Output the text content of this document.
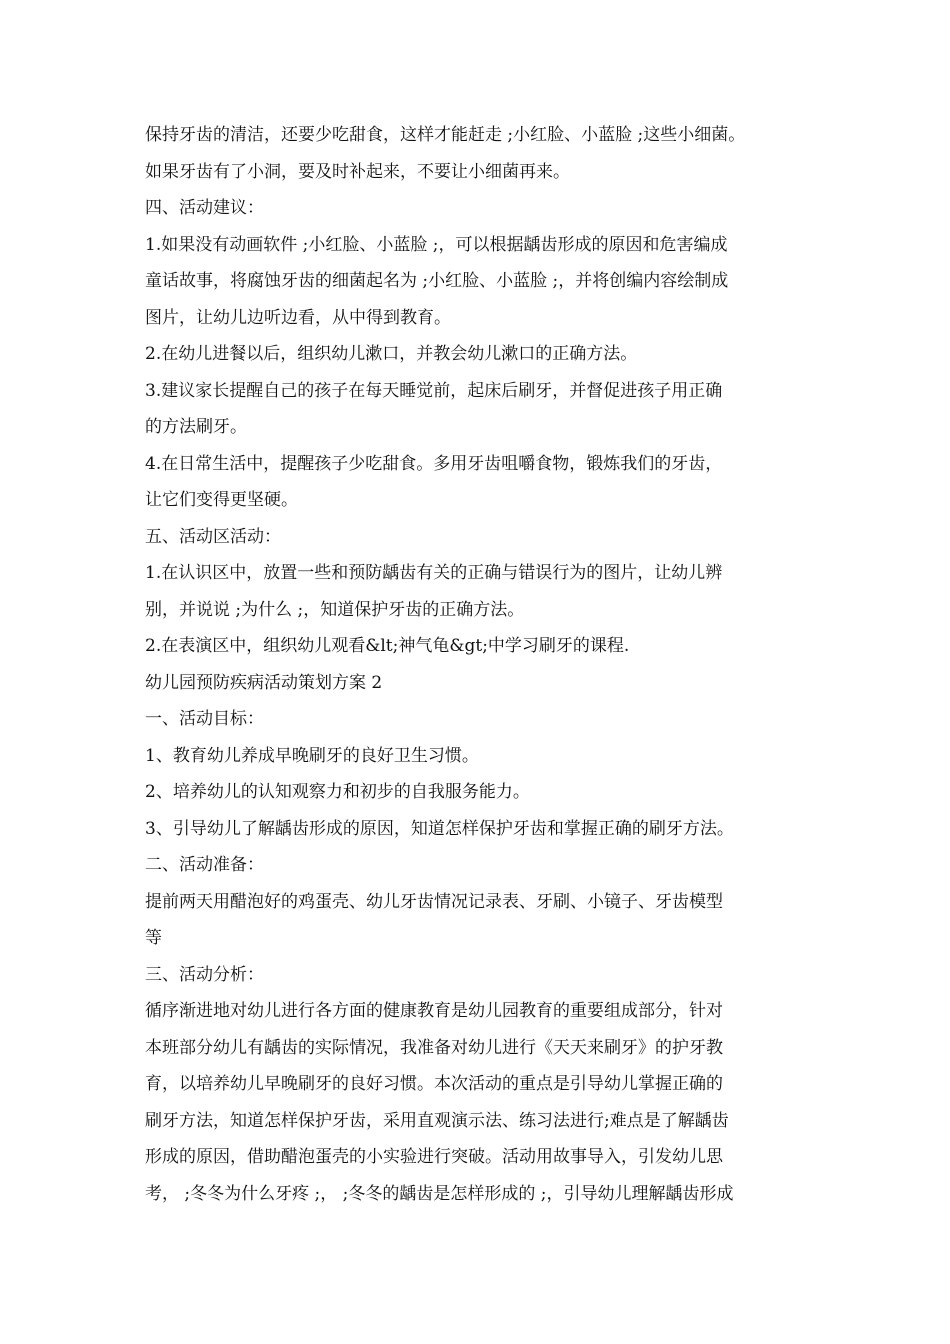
保持牙齿的清洁，还要少吃甜食，这样才能赶走 ;小红脸、小蓝脸 ;这些小细菌。
如果牙齿有了小洞，要及时补起来，不要让小细菌再来。
四、活动建议：
1.如果没有动画软件 ;小红脸、小蓝脸 ;，可以根据龋齿形成的原因和危害编成
童话故事，将腐蚀牙齿的细菌起名为 ;小红脸、小蓝脸 ;，并将创编内容绘制成
图片，让幼儿边听边看，从中得到教育。
2.在幼儿进餐以后，组织幼儿漱口，并教会幼儿漱口的正确方法。
3.建议家长提醒自己的孩子在每天睡觉前，起床后刷牙，并督促进孩子用正确
的方法刷牙。
4.在日常生活中，提醒孩子少吃甜食。多用牙齿咀嚼食物，锻炼我们的牙齿，
让它们变得更坚硬。
五、活动区活动：
1.在认识区中，放置一些和预防龋齿有关的正确与错误行为的图片，让幼儿辨
别，并说说 ;为什么 ;，知道保护牙齿的正确方法。
2.在表演区中，组织幼儿观看&lt;神气龟&gt;中学习刷牙的课程.
幼儿园预防疾病活动策划方案 2
一、活动目标：
1、教育幼儿养成早晚刷牙的良好卫生习惯。
2、培养幼儿的认知观察力和初步的自我服务能力。
3、引导幼儿了解龋齿形成的原因，知道怎样保护牙齿和掌握正确的刷牙方法。
二、活动准备：
提前两天用醋泡好的鸡蛋壳、幼儿牙齿情况记录表、牙刷、小镜子、牙齿模型
等
三、活动分析：
循序渐进地对幼儿进行各方面的健康教育是幼儿园教育的重要组成部分，针对
本班部分幼儿有龋齿的实际情况，我准备对幼儿进行《天天来刷牙》的护牙教
育，以培养幼儿早晚刷牙的良好习惯。本次活动的重点是引导幼儿掌握正确的
刷牙方法，知道怎样保护牙齿，采用直观演示法、练习法进行;难点是了解龋齿
形成的原因，借助醋泡蛋壳的小实验进行突破。活动用故事导入，引发幼儿思
考， ;冬冬为什么牙疼 ;， ;冬冬的龋齿是怎样形成的 ;，引导幼儿理解龋齿形成
